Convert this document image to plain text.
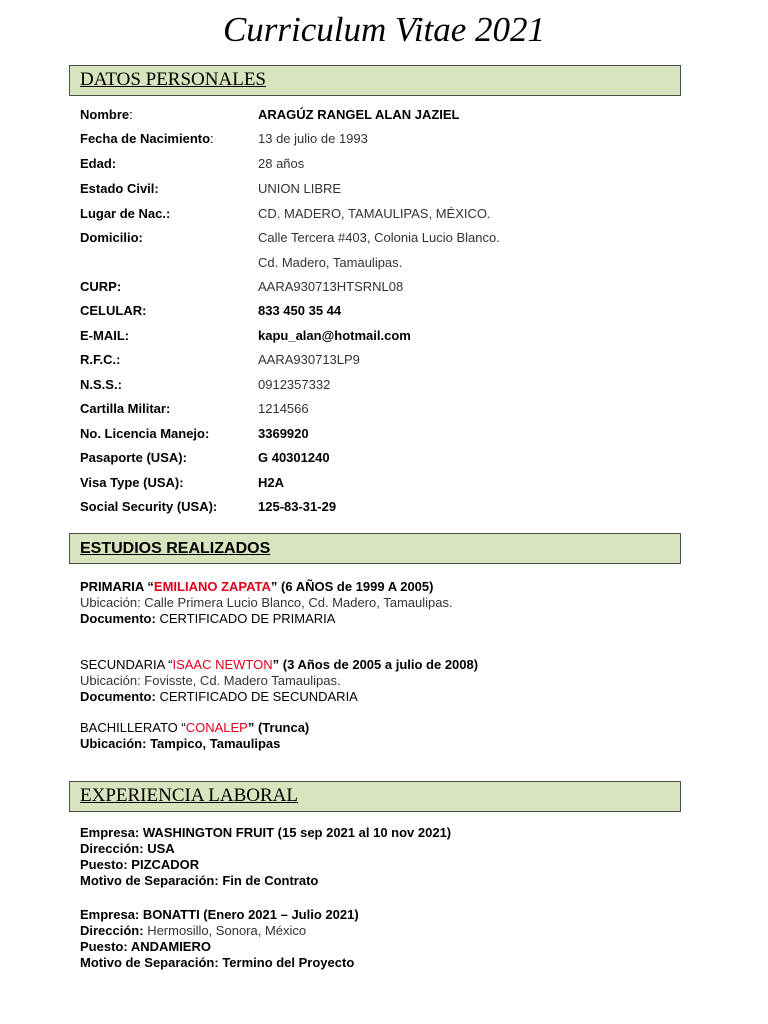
Curriculum Vitae 2021
DATOS PERSONALES
Nombre:	ARAGÚZ RANGEL ALAN JAZIEL
Fecha de Nacimiento:	13 de julio de 1993
Edad:	28 años
Estado Civil:	UNION LIBRE
Lugar de Nac.:	CD. MADERO, TAMAULIPAS, MÉXICO.
Domicilio:	Calle Tercera #403, Colonia Lucio Blanco.
Cd. Madero, Tamaulipas.
CURP:	AARA930713HTSRNL08
CELULAR:	833 450 35 44
E-MAIL:	kapu_alan@hotmail.com
R.F.C.:	AARA930713LP9
N.S.S.:	0912357332
Cartilla Militar:	1214566
No. Licencia Manejo:	3369920
Pasaporte (USA):	G 40301240
Visa Type (USA):	H2A
Social Security (USA):	125-83-31-29
ESTUDIOS REALIZADOS
PRIMARIA “EMILIANO ZAPATA” (6 AÑOS de 1999 A 2005)
Ubicación: Calle Primera Lucio Blanco, Cd. Madero, Tamaulipas.
Documento: CERTIFICADO DE PRIMARIA
SECUNDARIA “ISAAC NEWTON” (3 Años de 2005 a julio de 2008)
Ubicación: Fovisste, Cd. Madero Tamaulipas.
Documento: CERTIFICADO DE SECUNDARIA
BACHILLERATO “CONALEP” (Trunca)
Ubicación: Tampico, Tamaulipas
EXPERIENCIA LABORAL
Empresa: WASHINGTON FRUIT (15 sep 2021 al 10 nov 2021)
Dirección: USA
Puesto: PIZCADOR
Motivo de Separación: Fin de Contrato
Empresa: BONATTI (Enero 2021 – Julio 2021)
Dirección: Hermosillo, Sonora, México
Puesto: ANDAMIERO
Motivo de Separación: Termino del Proyecto
